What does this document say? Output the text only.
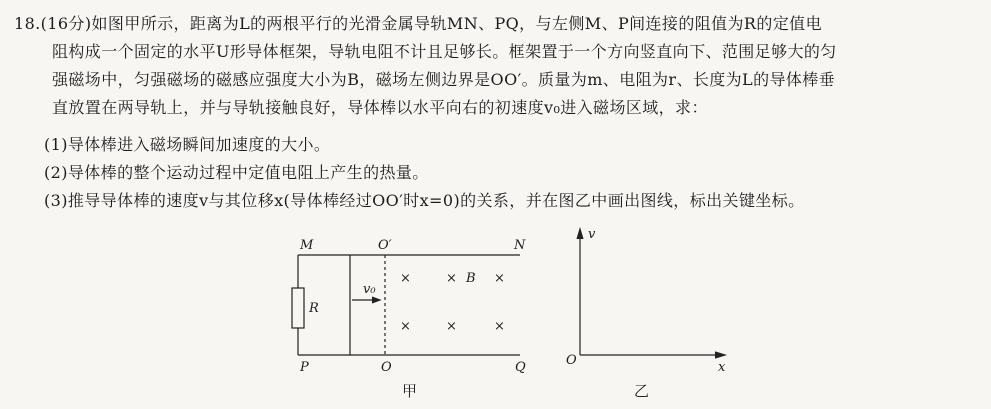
18.(16分)如图甲所示，距离为L的两根平行的光滑金属导轨MN、PQ，与左侧M、P间连接的阻值为R的定值电

阻构成一个固定的水平U形导体框架，导轨电阻不计且足够长。框架置于一个方向竖直向下、范围足够大的匀

强磁场中，匀强磁场的磁感应强度大小为B，磁场左侧边界是OO′。质量为m、电阻为r、长度为L的导体棒垂

直放置在两导轨上，并与导轨接触良好，导体棒以水平向右的初速度v₀进入磁场区域，求：

(1)导体棒进入磁场瞬间加速度的大小。
(2)导体棒的整个运动过程中定值电阻上产生的热量。
(3)推导导体棒的速度v与其位移x(导体棒经过OO′时x=0)的关系，并在图乙中画出图线，标出关键坐标。
M	O′	N
P	O	Q
R
v₀
×	× B ×
×	×	×
甲
v
x
O
乙
